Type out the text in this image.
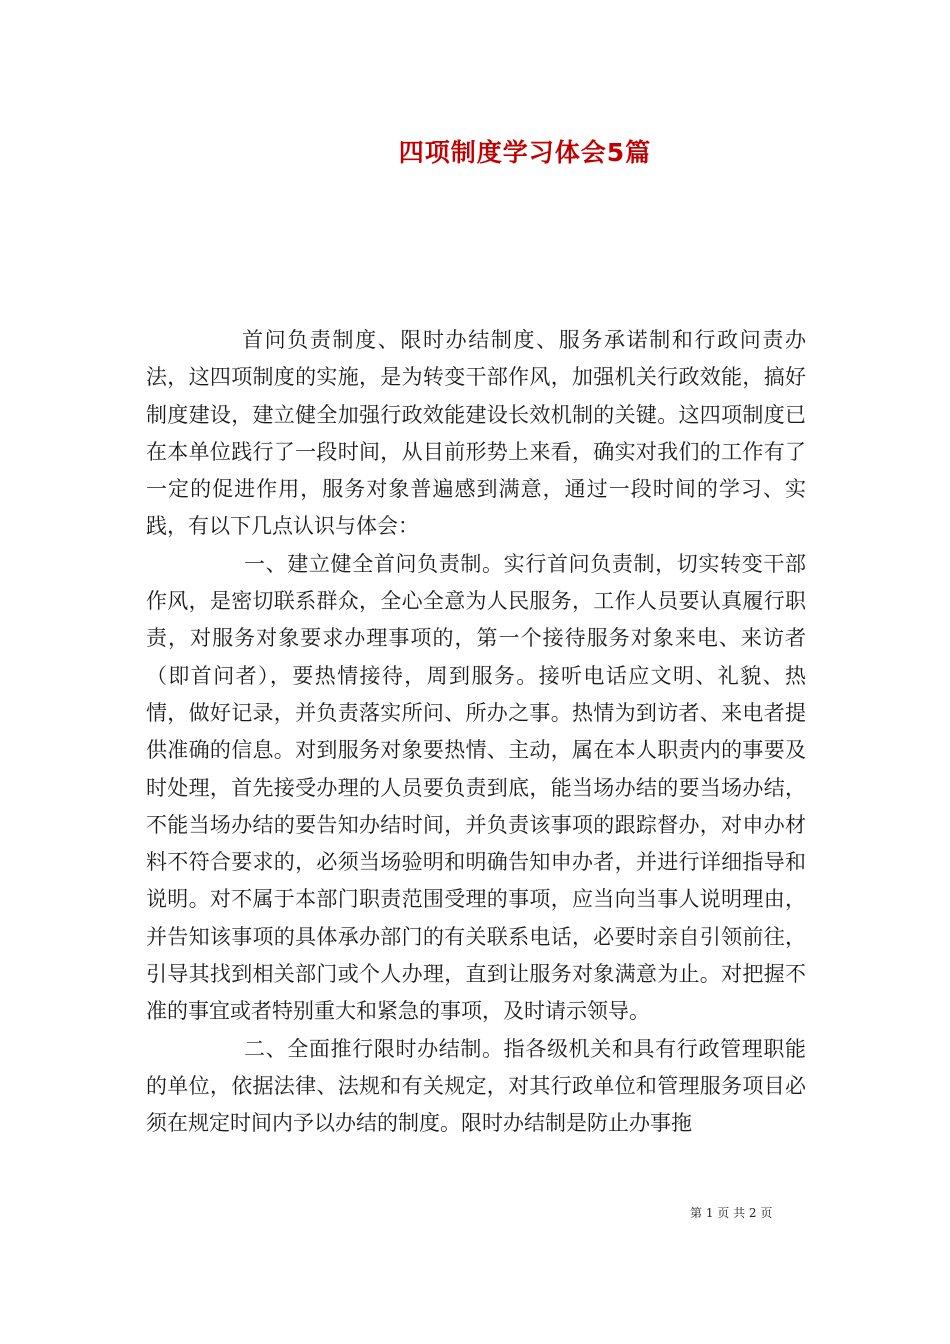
四项制度学习体会5篇

首问负责制度、限时办结制度、服务承诺制和行政问责办法，这四项制度的实施，是为转变干部作风，加强机关行政效能，搞好制度建设，建立健全加强行政效能建设长效机制的关键。这四项制度已在本单位践行了一段时间，从目前形势上来看，确实对我们的工作有了一定的促进作用，服务对象普遍感到满意，通过一段时间的学习、实践，有以下几点认识与体会：

一、建立健全首问负责制。实行首问负责制，切实转变干部作风，是密切联系群众，全心全意为人民服务，工作人员要认真履行职责，对服务对象要求办理事项的，第一个接待服务对象来电、来访者（即首问者），要热情接待，周到服务。接听电话应文明、礼貌、热情，做好记录，并负责落实所问、所办之事。热情为到访者、来电者提供准确的信息。对到服务对象要热情、主动，属在本人职责内的事要及时处理，首先接受办理的人员要负责到底，能当场办结的要当场办结，不能当场办结的要告知办结时间，并负责该事项的跟踪督办，对申办材料不符合要求的，必须当场验明和明确告知申办者，并进行详细指导和说明。对不属于本部门职责范围受理的事项，应当向当事人说明理由，并告知该事项的具体承办部门的有关联系电话，必要时亲自引领前往，引导其找到相关部门或个人办理，直到让服务对象满意为止。对把握不准的事宜或者特别重大和紧急的事项，及时请示领导。

二、全面推行限时办结制。指各级机关和具有行政管理职能的单位，依据法律、法规和有关规定，对其行政单位和管理服务项目必须在规定时间内予以办结的制度。限时办结制是防止办事拖

第 1 页 共 2 页
